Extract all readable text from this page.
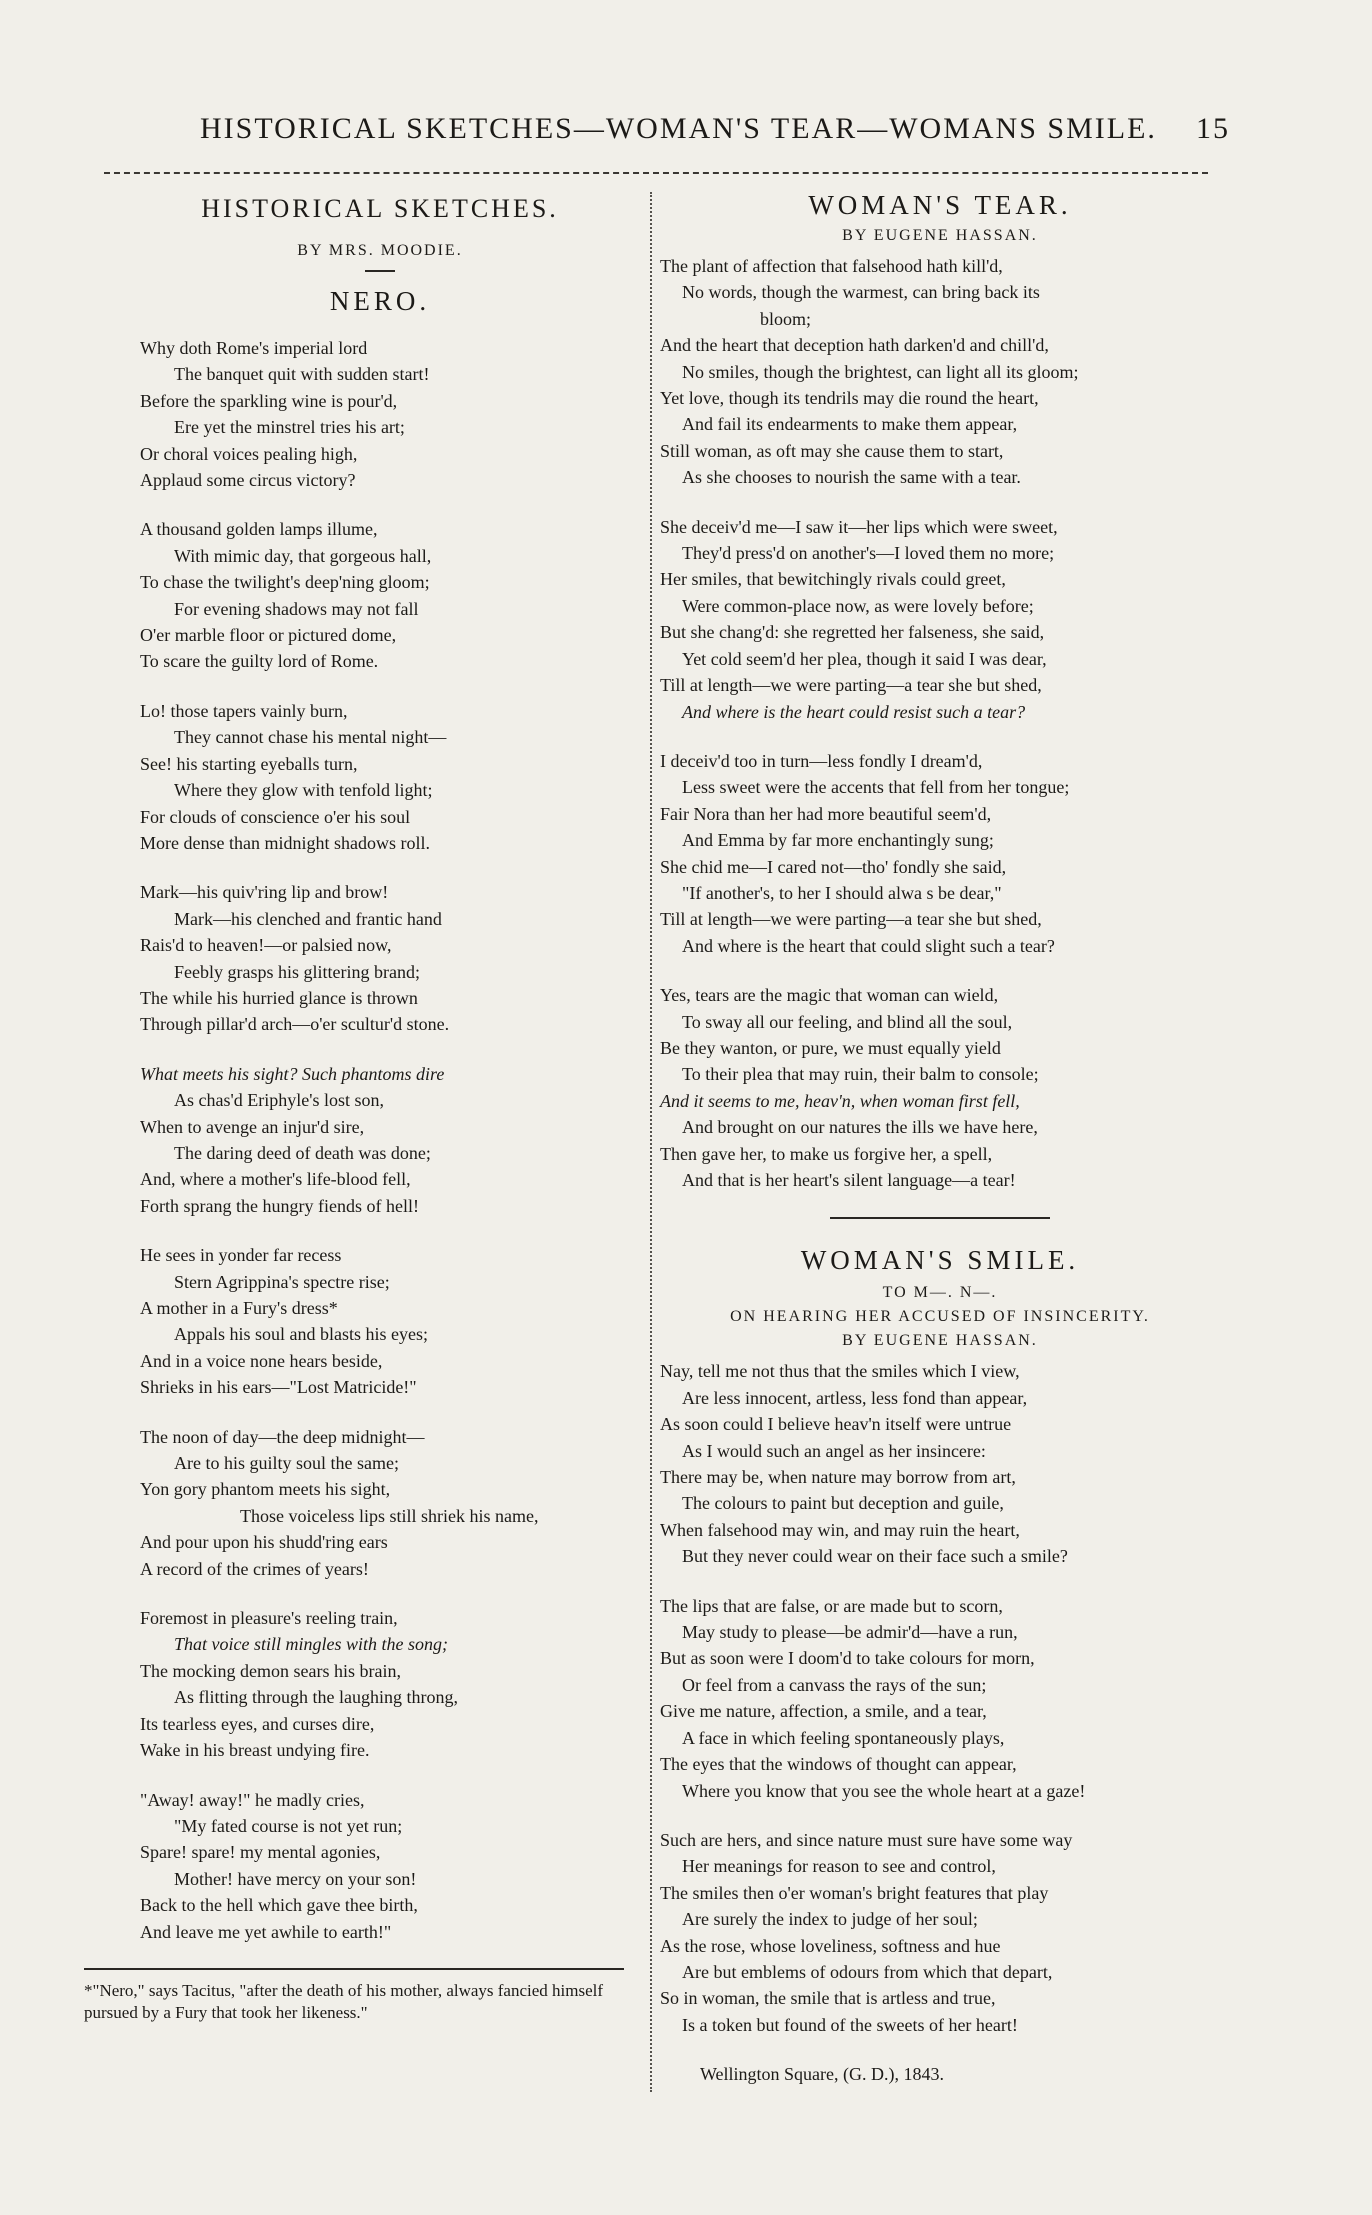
HISTORICAL SKETCHES—WOMAN'S TEAR—WOMANS SMILE. 15
HISTORICAL SKETCHES.
BY MRS. MOODIE.
NERO.
Why doth Rome's imperial lord
The banquet quit with sudden start!
Before the sparkling wine is pour'd,
Ere yet the minstrel tries his art;
Or choral voices pealing high,
Applaud some circus victory?
A thousand golden lamps illume,
With mimic day, that gorgeous hall,
To chase the twilight's deep'ning gloom;
For evening shadows may not fall
O'er marble floor or pictured dome,
To scare the guilty lord of Rome.
Lo! those tapers vainly burn,
They cannot chase his mental night—
See! his starting eyeballs turn,
Where they glow with tenfold light;
For clouds of conscience o'er his soul
More dense than midnight shadows roll.
Mark—his quiv'ring lip and brow!
Mark—his clenched and frantic hand
Rais'd to heaven!—or palsied now,
Feebly grasps his glittering brand;
The while his hurried glance is thrown
Through pillar'd arch—o'er scultur'd stone.
What meets his sight? Such phantoms dire
As chas'd Eriphyle's lost son,
When to avenge an injur'd sire,
The daring deed of death was done;
And, where a mother's life-blood fell,
Forth sprang the hungry fiends of hell!
He sees in yonder far recess
Stern Agrippina's spectre rise;
A mother in a Fury's dress*
Appals his soul and blasts his eyes;
And in a voice none hears beside,
Shrieks in his ears—"Lost Matricide!"
The noon of day—the deep midnight—
Are to his guilty soul the same;
Yon gory phantom meets his sight,
Those voiceless lips still shriek his name,
And pour upon his shudd'ring ears
A record of the crimes of years!
Foremost in pleasure's reeling train,
That voice still mingles with the song;
The mocking demon sears his brain,
As flitting through the laughing throng,
Its tearless eyes, and curses dire,
Wake in his breast undying fire.
"Away! away!" he madly cries,
"My fated course is not yet run;
Spare! spare! my mental agonies,
Mother! have mercy on your son!
Back to the hell which gave thee birth,
And leave me yet awhile to earth!"
*"Nero," says Tacitus, "after the death of his mother, always fancied himself pursued by a Fury that took her likeness."
WOMAN'S TEAR.
BY EUGENE HASSAN.
The plant of affection that falsehood hath kill'd,
No words, though the warmest, can bring back its
bloom;
And the heart that deception hath darken'd and chill'd,
No smiles, though the brightest, can light all its gloom;
Yet love, though its tendrils may die round the heart,
And fail its endearments to make them appear,
Still woman, as oft may she cause them to start,
As she chooses to nourish the same with a tear.
She deceiv'd me—I saw it—her lips which were sweet,
They'd press'd on another's—I loved them no more;
Her smiles, that bewitchingly rivals could greet,
Were common-place now, as were lovely before;
But she chang'd: she regretted her falseness, she said,
Yet cold seem'd her plea, though it said I was dear,
Till at length—we were parting—a tear she but shed,
And where is the heart could resist such a tear?
I deceiv'd too in turn—less fondly I dream'd,
Less sweet were the accents that fell from her tongue;
Fair Nora than her had more beautiful seem'd,
And Emma by far more enchantingly sung;
She chid me—I cared not—tho' fondly she said,
"If another's, to her I should alwa s be dear,"
Till at length—we were parting—a tear she but shed,
And where is the heart that could slight such a tear?
Yes, tears are the magic that woman can wield,
To sway all our feeling, and blind all the soul,
Be they wanton, or pure, we must equally yield
To their plea that may ruin, their balm to console;
And it seems to me, heav'n, when woman first fell,
And brought on our natures the ills we have here,
Then gave her, to make us forgive her, a spell,
And that is her heart's silent language—a tear!
WOMAN'S SMILE.
TO M—. N—.
ON HEARING HER ACCUSED OF INSINCERITY.
BY EUGENE HASSAN.
Nay, tell me not thus that the smiles which I view,
Are less innocent, artless, less fond than appear,
As soon could I believe heav'n itself were untrue
As I would such an angel as her insincere:
There may be, when nature may borrow from art,
The colours to paint but deception and guile,
When falsehood may win, and may ruin the heart,
But they never could wear on their face such a smile?
The lips that are false, or are made but to scorn,
May study to please—be admir'd—have a run,
But as soon were I doom'd to take colours for morn,
Or feel from a canvass the rays of the sun;
Give me nature, affection, a smile, and a tear,
A face in which feeling spontaneously plays,
The eyes that the windows of thought can appear,
Where you know that you see the whole heart at a gaze!
Such are hers, and since nature must sure have some way
Her meanings for reason to see and control,
The smiles then o'er woman's bright features that play
Are surely the index to judge of her soul;
As the rose, whose loveliness, softness and hue
Are but emblems of odours from which that depart,
So in woman, the smile that is artless and true,
Is a token but found of the sweets of her heart!
Wellington Square, (G. D.), 1843.
